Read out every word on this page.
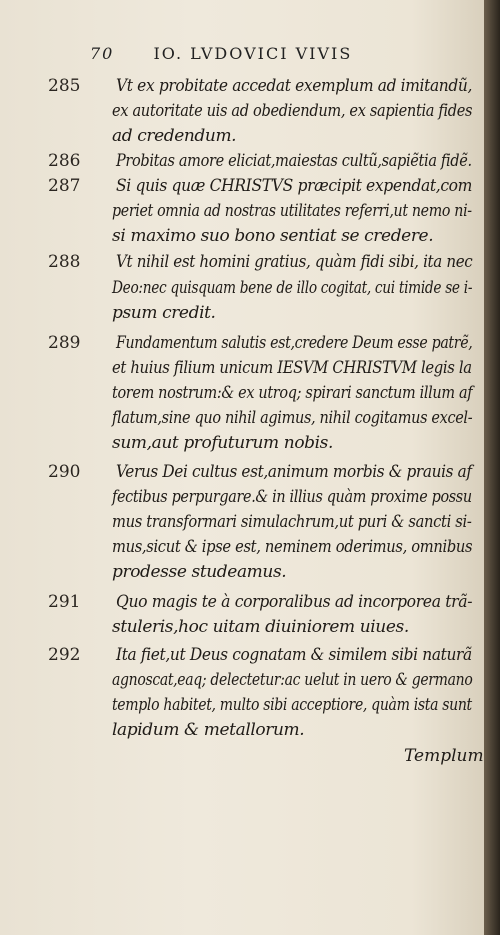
70 IO. LVDOVICI VIVIS
285 Vt ex probitate accedat exemplum ad imitandũ,
ex autoritate uis ad obediendum, ex sapientia fides
ad credendum.
286 Probitas amore eliciat,maiestas cultũ,sapiẽtia fidẽ.
287 Si quis quæ CHRISTVS præcipit expendat,com
periet omnia ad nostras utilitates referri,ut nemo ni-
si maximo suo bono sentiat se credere.
288 Vt nihil est homini gratius, quàm fidi sibi, ita nec
Deo:nec quisquam bene de illo cogitat, cui timide se i-
psum credit.
289 Fundamentum salutis est,credere Deum esse patrẽ,
et huius filium unicum IESVM CHRISTVM legis la
torem nostrum:& ex utroq; spirari sanctum illum af
flatum,sine quo nihil agimus, nihil cogitamus excel-
sum,aut profuturum nobis.
290 Verus Dei cultus est,animum morbis & prauis af
fectibus perpurgare.& in illius quàm proxime possu
mus transformari simulachrum,ut puri & sancti si-
mus,sicut & ipse est, neminem oderimus, omnibus
prodesse studeamus.
291 Quo magis te à corporalibus ad incorporea trã-
stuleris,hoc uitam diuiniorem uiues.
292 Ita fiet,ut Deus cognatam & similem sibi naturã
agnoscat,eaq; delectetur:ac uelut in uero & germano
templo habitet, multo sibi acceptiore, quàm ista sunt
lapidum & metallorum.
Templum
